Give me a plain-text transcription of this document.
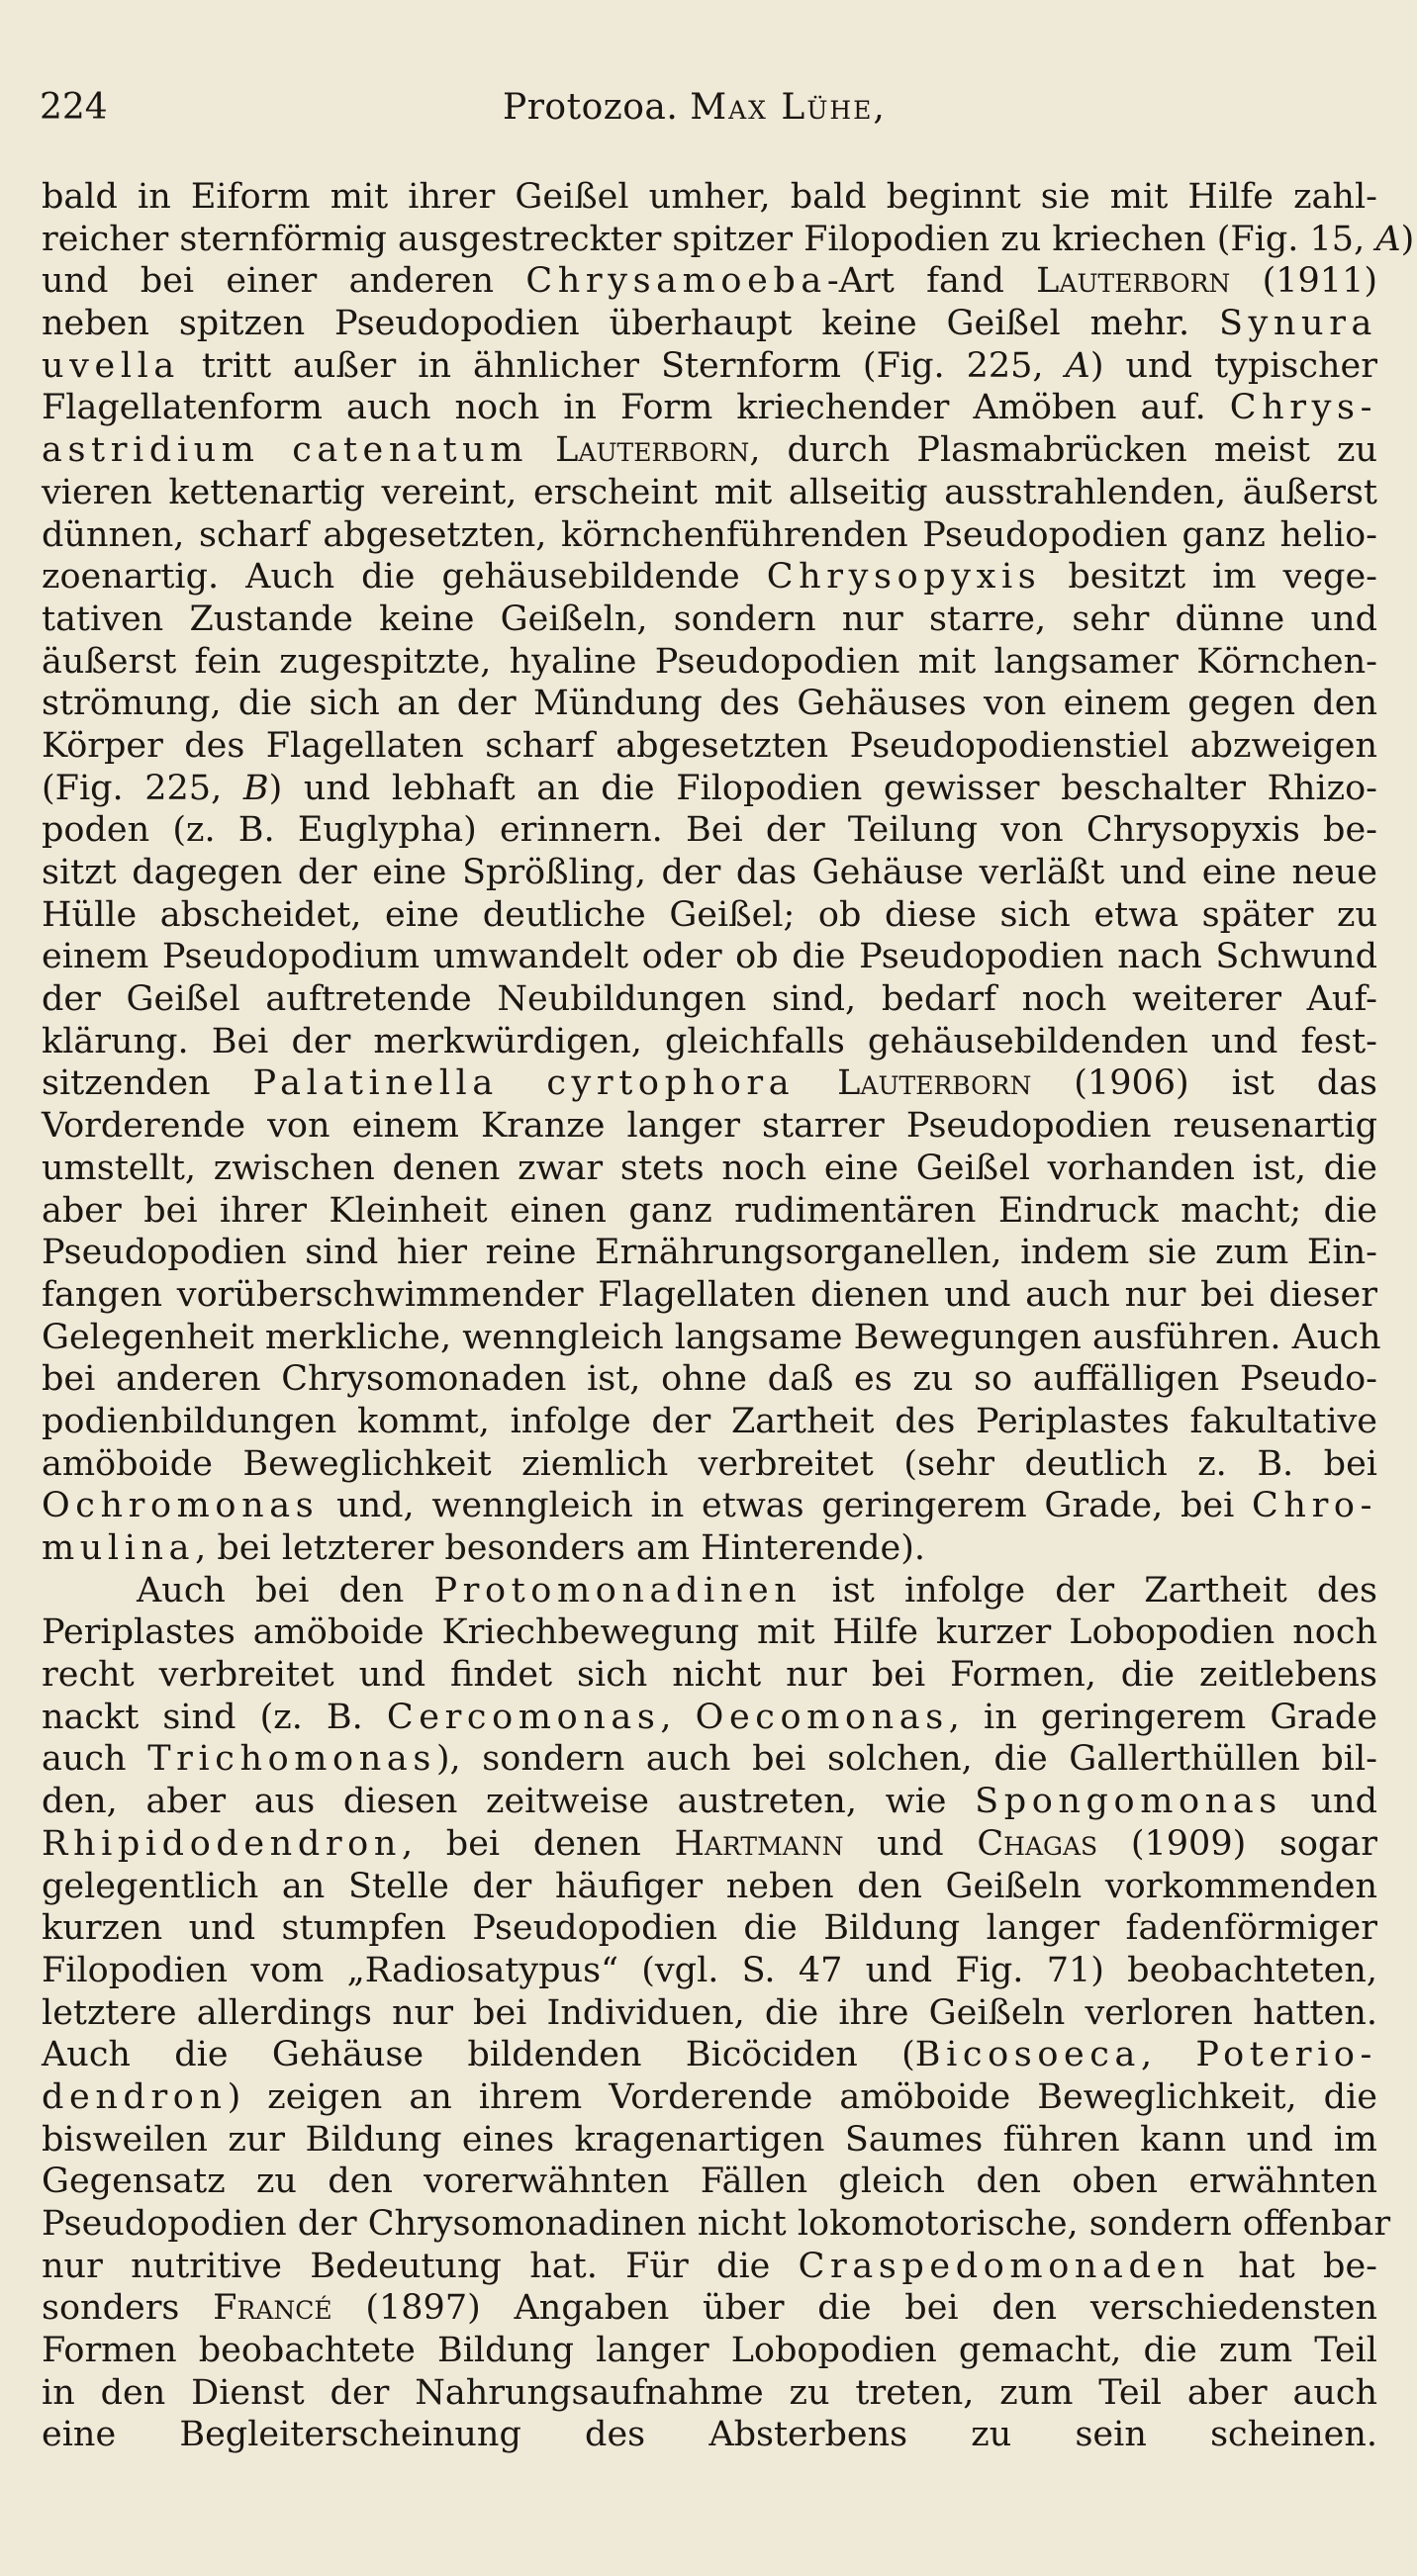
224	Protozoa. Max Lühe,
bald in Eiform mit ihrer Geißel umher, bald beginnt sie mit Hilfe zahl-
reicher sternförmig ausgestreckter spitzer Filopodien zu kriechen (Fig. 15, A)
und bei einer anderen Chrysamoeba-Art fand Lauterborn (1911)
neben spitzen Pseudopodien überhaupt keine Geißel mehr. Synura
uvella tritt außer in ähnlicher Sternform (Fig. 225, A) und typischer
Flagellatenform auch noch in Form kriechender Amöben auf. Chrys-
astridium catenatum Lauterborn, durch Plasmabrücken meist zu
vieren kettenartig vereint, erscheint mit allseitig ausstrahlenden, äußerst
dünnen, scharf abgesetzten, körnchenführenden Pseudopodien ganz helio-
zoenartig. Auch die gehäusebildende Chrysopyxis besitzt im vege-
tativen Zustande keine Geißeln, sondern nur starre, sehr dünne und
äußerst fein zugespitzte, hyaline Pseudopodien mit langsamer Körnchen-
strömung, die sich an der Mündung des Gehäuses von einem gegen den
Körper des Flagellaten scharf abgesetzten Pseudopodienstiel abzweigen
(Fig. 225, B) und lebhaft an die Filopodien gewisser beschalter Rhizo-
poden (z. B. Euglypha) erinnern. Bei der Teilung von Chrysopyxis be-
sitzt dagegen der eine Sprößling, der das Gehäuse verläßt und eine neue
Hülle abscheidet, eine deutliche Geißel; ob diese sich etwa später zu
einem Pseudopodium umwandelt oder ob die Pseudopodien nach Schwund
der Geißel auftretende Neubildungen sind, bedarf noch weiterer Auf-
klärung. Bei der merkwürdigen, gleichfalls gehäusebildenden und fest-
sitzenden Palatinella cyrtophora Lauterborn (1906) ist das
Vorderende von einem Kranze langer starrer Pseudopodien reusenartig
umstellt, zwischen denen zwar stets noch eine Geißel vorhanden ist, die
aber bei ihrer Kleinheit einen ganz rudimentären Eindruck macht; die
Pseudopodien sind hier reine Ernährungsorganellen, indem sie zum Ein-
fangen vorüberschwimmender Flagellaten dienen und auch nur bei dieser
Gelegenheit merkliche, wenngleich langsame Bewegungen ausführen. Auch
bei anderen Chrysomonaden ist, ohne daß es zu so auffälligen Pseudo-
podienbildungen kommt, infolge der Zartheit des Periplastes fakultative
amöboide Beweglichkeit ziemlich verbreitet (sehr deutlich z. B. bei
Ochromonas und, wenngleich in etwas geringerem Grade, bei Chro-
mulina, bei letzterer besonders am Hinterende).
Auch bei den Protomonadinen ist infolge der Zartheit des
Periplastes amöboide Kriechbewegung mit Hilfe kurzer Lobopodien noch
recht verbreitet und findet sich nicht nur bei Formen, die zeitlebens
nackt sind (z. B. Cercomonas, Oecomonas, in geringerem Grade
auch Trichomonas), sondern auch bei solchen, die Gallerthüllen bil-
den, aber aus diesen zeitweise austreten, wie Spongomonas und
Rhipidodendron, bei denen Hartmann und Chagas (1909) sogar
gelegentlich an Stelle der häufiger neben den Geißeln vorkommenden
kurzen und stumpfen Pseudopodien die Bildung langer fadenförmiger
Filopodien vom „Radiosatypus“ (vgl. S. 47 und Fig. 71) beobachteten,
letztere allerdings nur bei Individuen, die ihre Geißeln verloren hatten.
Auch die Gehäuse bildenden Bicöciden (Bicosoeca, Poterio-
dendron) zeigen an ihrem Vorderende amöboide Beweglichkeit, die
bisweilen zur Bildung eines kragenartigen Saumes führen kann und im
Gegensatz zu den vorerwähnten Fällen gleich den oben erwähnten
Pseudopodien der Chrysomonadinen nicht lokomotorische, sondern offenbar
nur nutritive Bedeutung hat. Für die Craspedomonaden hat be-
sonders Francé (1897) Angaben über die bei den verschiedensten
Formen beobachtete Bildung langer Lobopodien gemacht, die zum Teil
in den Dienst der Nahrungsaufnahme zu treten, zum Teil aber auch
eine Begleiterscheinung des Absterbens zu sein scheinen.
